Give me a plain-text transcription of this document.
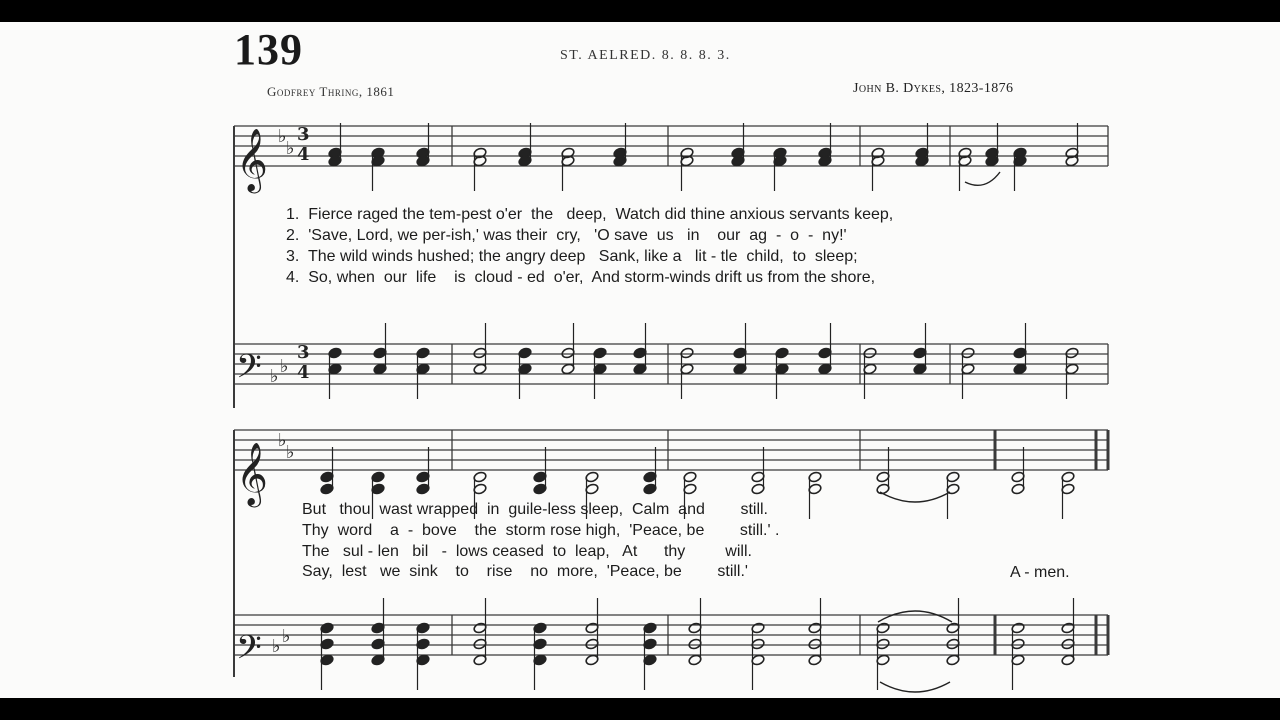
139	ST. AELRED. 8. 8. 8. 3.
Godfrey Thring, 1861	John B. Dykes, 1823-1876
𝄞
𝄢
𝄞
𝄢
♭
♭
♭ ♭
♭
♭
♭ ♭
3
4
3
4
1.  Fierce raged the tem-pest o'er  the   deep,  Watch did thine anxious servants keep,
2.  'Save, Lord, we per-ish,' was their  cry,   'O save  us   in    our  ag  -  o  -  ny!'
3.  The wild winds hushed; the angry deep   Sank, like a   lit - tle  child,  to  sleep;
4.  So, when  our  life    is  cloud - ed  o'er,  And storm-winds drift us from the shore,
But   thou  wast wrapped  in  guile-less sleep,  Calm  and        still.
Thy  word    a  -  bove    the  storm rose high,  'Peace, be        still.' .
The   sul - len   bil   -  lows ceased  to  leap,   At      thy         will.
Say,  lest   we  sink    to    rise    no  more,  'Peace, be        still.'	A - men.
